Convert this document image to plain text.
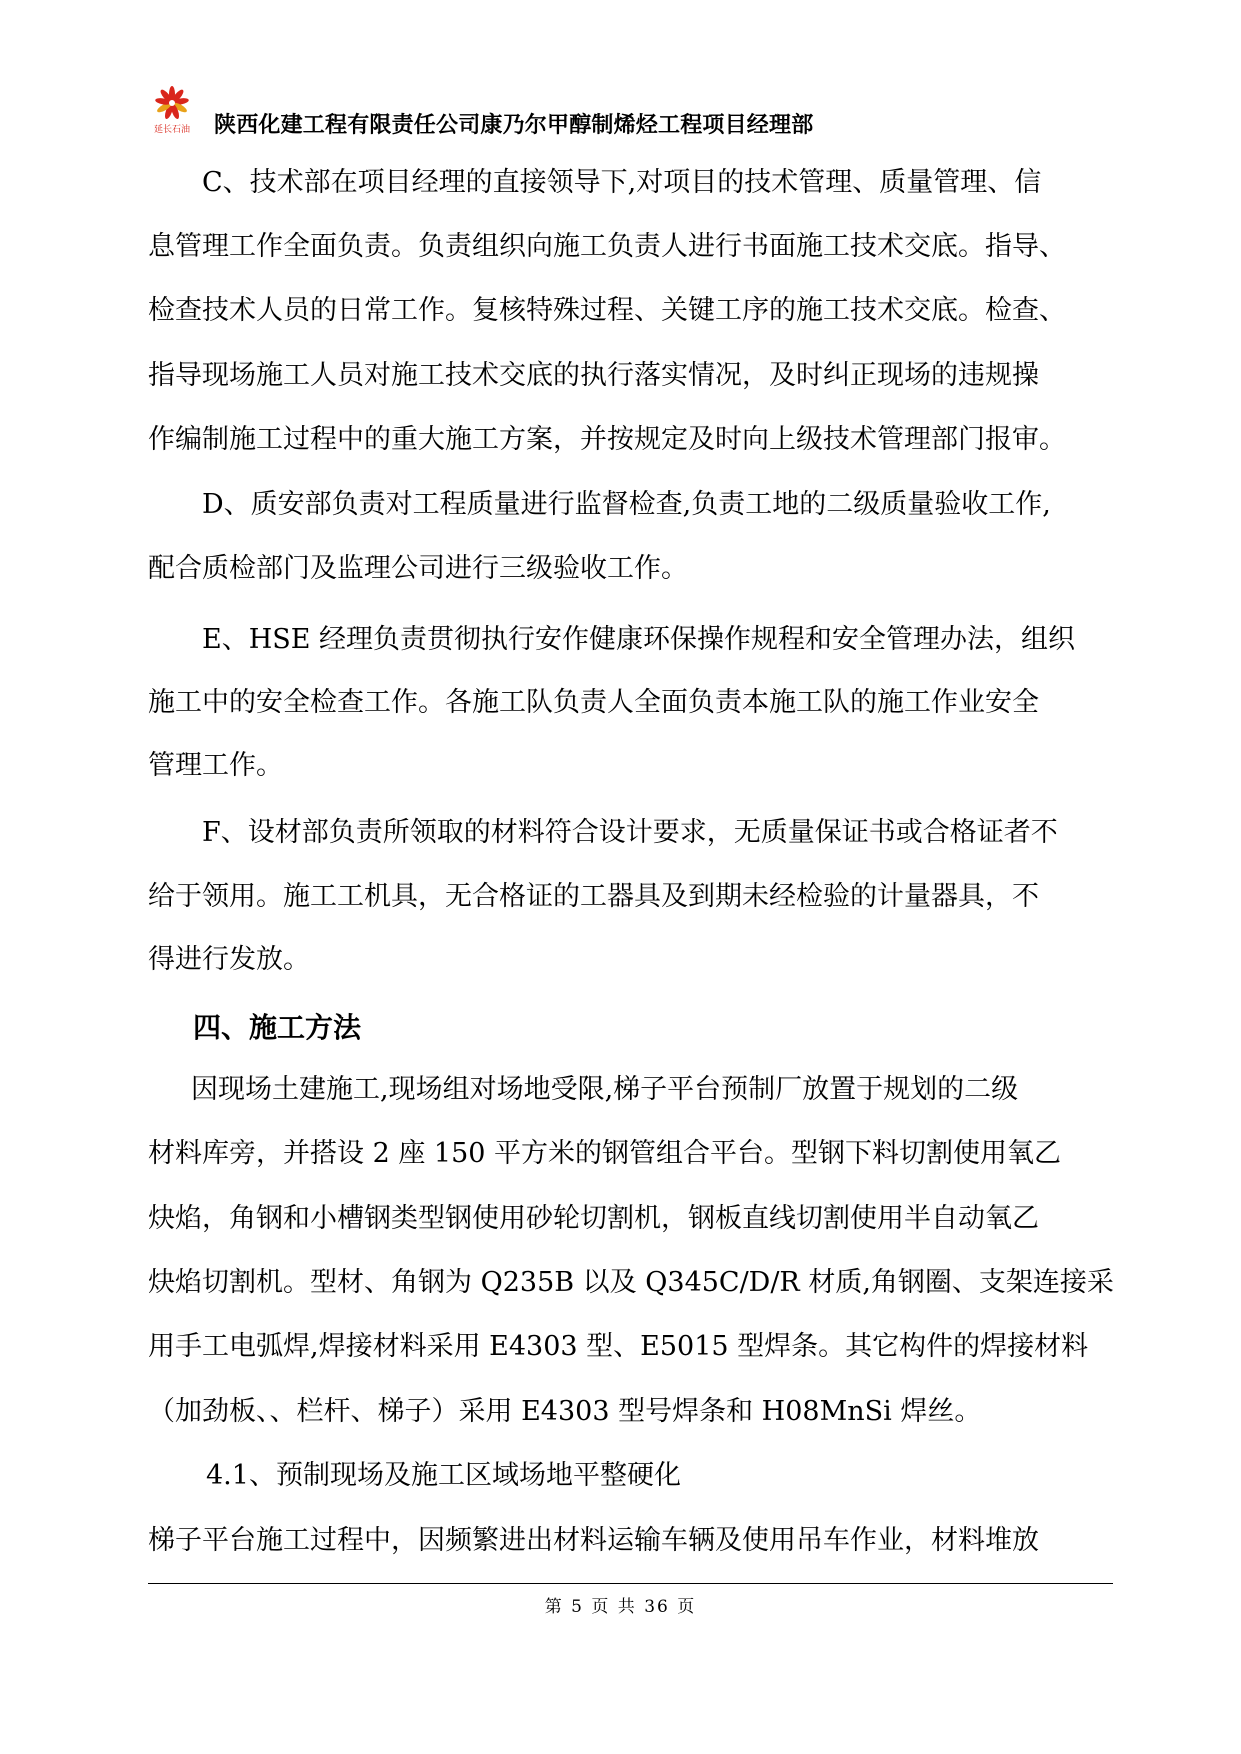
延长石油 陕西化建工程有限责任公司康乃尔甲醇制烯烃工程项目经理部
C、技术部在项目经理的直接领导下,对项目的技术管理、质量管理、信
息管理工作全面负责。负责组织向施工负责人进行书面施工技术交底。指导、
检查技术人员的日常工作。复核特殊过程、关键工序的施工技术交底。检查、
指导现场施工人员对施工技术交底的执行落实情况，及时纠正现场的违规操
作编制施工过程中的重大施工方案，并按规定及时向上级技术管理部门报审。
D、质安部负责对工程质量进行监督检查,负责工地的二级质量验收工作,
配合质检部门及监理公司进行三级验收工作。
E、HSE 经理负责贯彻执行安作健康环保操作规程和安全管理办法，组织
施工中的安全检查工作。各施工队负责人全面负责本施工队的施工作业安全
管理工作。
F、设材部负责所领取的材料符合设计要求，无质量保证书或合格证者不
给于领用。施工工机具，无合格证的工器具及到期未经检验的计量器具，不
得进行发放。
四、施工方法
因现场土建施工,现场组对场地受限,梯子平台预制厂放置于规划的二级
材料库旁，并搭设 2 座 150 平方米的钢管组合平台。型钢下料切割使用氧乙
炔焰，角钢和小槽钢类型钢使用砂轮切割机，钢板直线切割使用半自动氧乙
炔焰切割机。型材、角钢为 Q235B 以及 Q345C/D/R 材质,角钢圈、支架连接采
用手工电弧焊,焊接材料采用 E4303 型、E5015 型焊条。其它构件的焊接材料
（加劲板、、栏杆、梯子）采用 E4303 型号焊条和 H08MnSi 焊丝。
4.1、预制现场及施工区域场地平整硬化
梯子平台施工过程中，因频繁进出材料运输车辆及使用吊车作业，材料堆放
第 5 页 共 36 页
